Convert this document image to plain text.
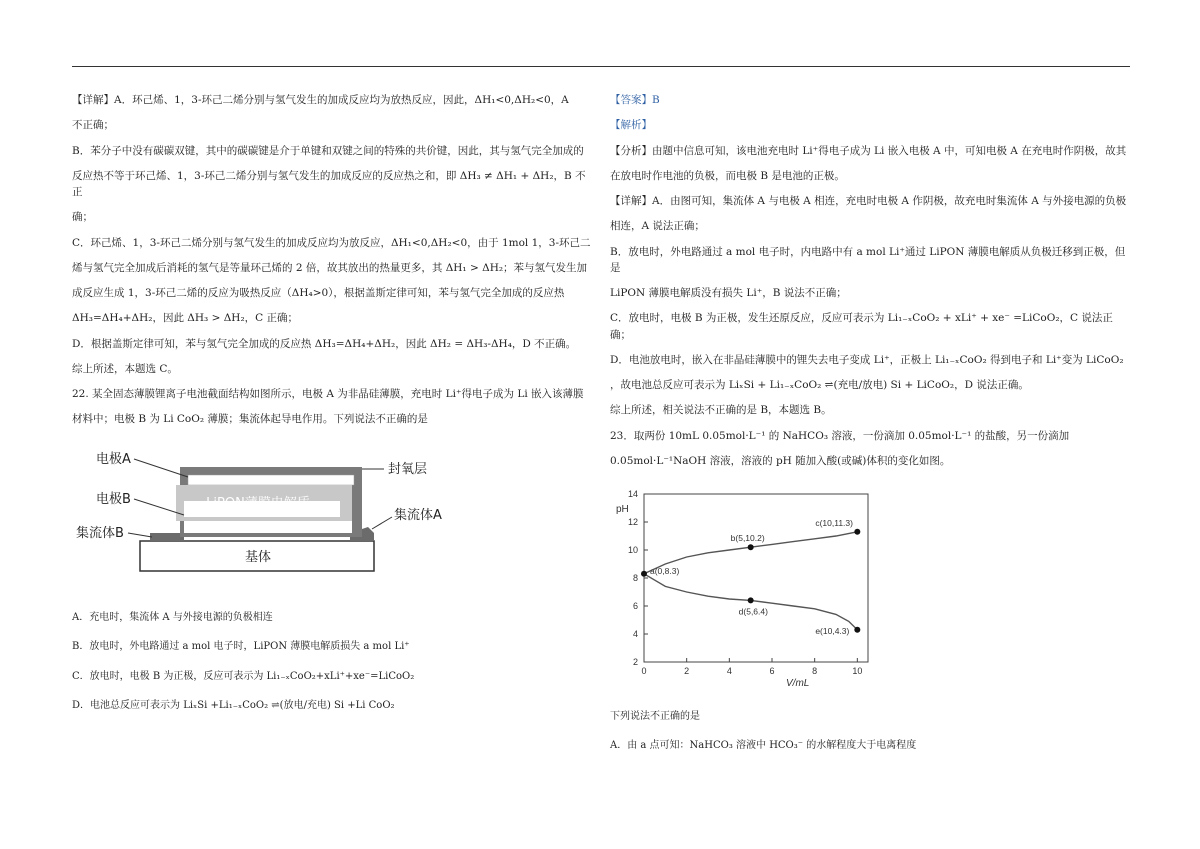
【详解】A．环己烯、1，3-环己二烯分别与氢气发生的加成反应均为放热反应，因此，ΔH₁<0,ΔH₂<0，A
不正确；
B．苯分子中没有碳碳双键，其中的碳碳键是介于单键和双键之间的特殊的共价键，因此，其与氢气完全加成的
反应热不等于环己烯、1，3-环己二烯分别与氢气发生的加成反应的反应热之和，即 ΔH₃ ≠ ΔH₁ + ΔH₂，B 不正
确；
C．环己烯、1，3-环己二烯分别与氢气发生的加成反应均为放反应，ΔH₁<0,ΔH₂<0，由于 1mol 1，3-环己二
烯与氢气完全加成后消耗的氢气是等量环己烯的 2 倍，故其放出的热量更多，其 ΔH₁ > ΔH₂；苯与氢气发生加
成反应生成 1，3-环己二烯的反应为吸热反应（ΔH₄>0），根据盖斯定律可知，苯与氢气完全加成的反应热
ΔH₃=ΔH₄+ΔH₂，因此 ΔH₃ > ΔH₂，C 正确；
D．根据盖斯定律可知，苯与氢气完全加成的反应热 ΔH₃=ΔH₄+ΔH₂，因此 ΔH₂ = ΔH₃-ΔH₄，D 不正确。
综上所述，本题选 C。
22. 某全固态薄膜锂离子电池截面结构如图所示，电极 A 为非晶硅薄膜，充电时 Li⁺得电子成为 Li 嵌入该薄膜
材料中；电极 B 为 Li CoO₂ 薄膜；集流体起导电作用。下列说法不正确的是
LiPON薄膜电解质
基体
电极A
电极B
集流体B
封氧层
集流体A
A．充电时，集流体 A 与外接电源的负极相连
B．放电时，外电路通过 a mol 电子时，LiPON 薄膜电解质损失 a mol Li⁺
C．放电时，电极 B 为正极，反应可表示为 Li₁₋ₓCoO₂+xLi⁺+xe⁻=LiCoO₂
D．电池总反应可表示为 LiₓSi +Li₁₋ₓCoO₂ ⇌(放电/充电) Si +Li CoO₂
【答案】B
【解析】
【分析】由题中信息可知，该电池充电时 Li⁺得电子成为 Li 嵌入电极 A 中，可知电极 A 在充电时作阴极，故其
在放电时作电池的负极，而电极 B 是电池的正极。
【详解】A．由图可知，集流体 A 与电极 A 相连，充电时电极 A 作阴极，故充电时集流体 A 与外接电源的负极
相连，A 说法正确；
B．放电时，外电路通过 a mol 电子时，内电路中有 a mol Li⁺通过 LiPON 薄膜电解质从负极迁移到正极，但是
LiPON 薄膜电解质没有损失 Li⁺，B 说法不正确；
C．放电时，电极 B 为正极，发生还原反应，反应可表示为 Li₁₋ₓCoO₂ + xLi⁺ + xe⁻ =LiCoO₂，C 说法正确；
D．电池放电时，嵌入在非晶硅薄膜中的锂失去电子变成 Li⁺，正极上 Li₁₋ₓCoO₂ 得到电子和 Li⁺变为 LiCoO₂
，故电池总反应可表示为 LiₓSi + Li₁₋ₓCoO₂ ⇌(充电/放电) Si + LiCoO₂，D 说法正确。
综上所述，相关说法不正确的是 B，本题选 B。
23．取两份 10mL 0.05mol·L⁻¹ 的 NaHCO₃ 溶液，一份滴加 0.05mol·L⁻¹ 的盐酸，另一份滴加
0.05mol·L⁻¹NaOH 溶液，溶液的 pH 随加入酸(或碱)体积的变化如图。
0	2	4	6	8	10
2
4
6
8
10
12
14
pH
V/mL
a(0,8.3)
b(5,10.2)
c(10,11.3)
d(5,6.4)
e(10,4.3)
下列说法不正确的是
A．由 a 点可知：NaHCO₃ 溶液中 HCO₃⁻ 的水解程度大于电离程度
